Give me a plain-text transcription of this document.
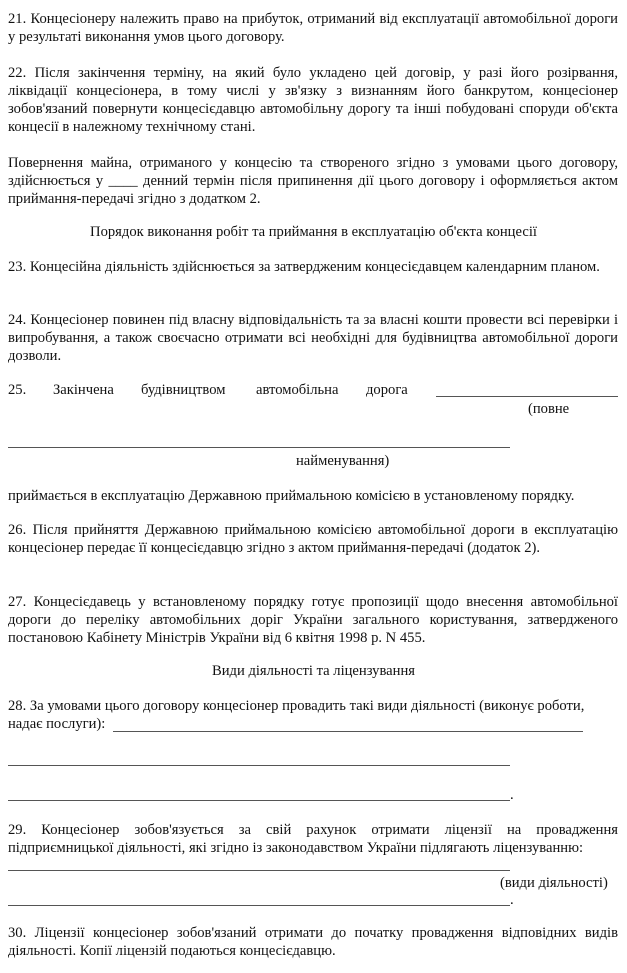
21. Концесіонеру належить право на прибуток, отриманий від експлуатації автомобільної дороги у результаті виконання умов цього договору.
22. Після закінчення терміну, на який було укладено цей договір, у разі його розірвання, ліквідації концесіонера, в тому числі у зв'язку з визнанням його банкрутом, концесіонер зобов'язаний повернути концесієдавцю автомобільну дорогу та інші побудовані споруди об'єкта концесії в належному технічному стані.
Повернення майна, отриманого у концесію та створеного згідно з умовами цього договору, здійснюється у ____ денний термін після припинення дії цього договору і оформляється актом приймання-передачі згідно з додатком 2.
Порядок виконання робіт та приймання в експлуатацію об'єкта концесії
23. Концесійна діяльність здійснюється за затвердженим концесієдавцем календарним планом.
24. Концесіонер повинен під власну відповідальність та за власні кошти провести всі перевірки і випробування, а також своєчасно отримати всі необхідні для будівництва автомобільної дороги дозволи.
25. Закінчена будівництвом автомобільна дорога
(повне
найменування)
приймається в експлуатацію Державною приймальною комісією в установленому порядку.
26. Після прийняття Державною приймальною комісією автомобільної дороги в експлуатацію концесіонер передає її концесієдавцю згідно з актом приймання-передачі (додаток 2).
27. Концесієдавець у встановленому порядку готує пропозиції щодо внесення автомобільної дороги до переліку автомобільних доріг України загального користування, затвердженого постановою Кабінету Міністрів України від 6 квітня 1998 р. N 455.
Види діяльності та ліцензування
28. За умовами цього договору концесіонер провадить такі види діяльності (виконує роботи,
надає послуги):
.
29. Концесіонер зобов'язується за свій рахунок отримати ліцензії на провадження підприємницької діяльності, які згідно із законодавством України підлягають ліцензуванню:
(види діяльності)
.
30. Ліцензії концесіонер зобов'язаний отримати до початку провадження відповідних видів діяльності. Копії ліцензій подаються концесієдавцю.
